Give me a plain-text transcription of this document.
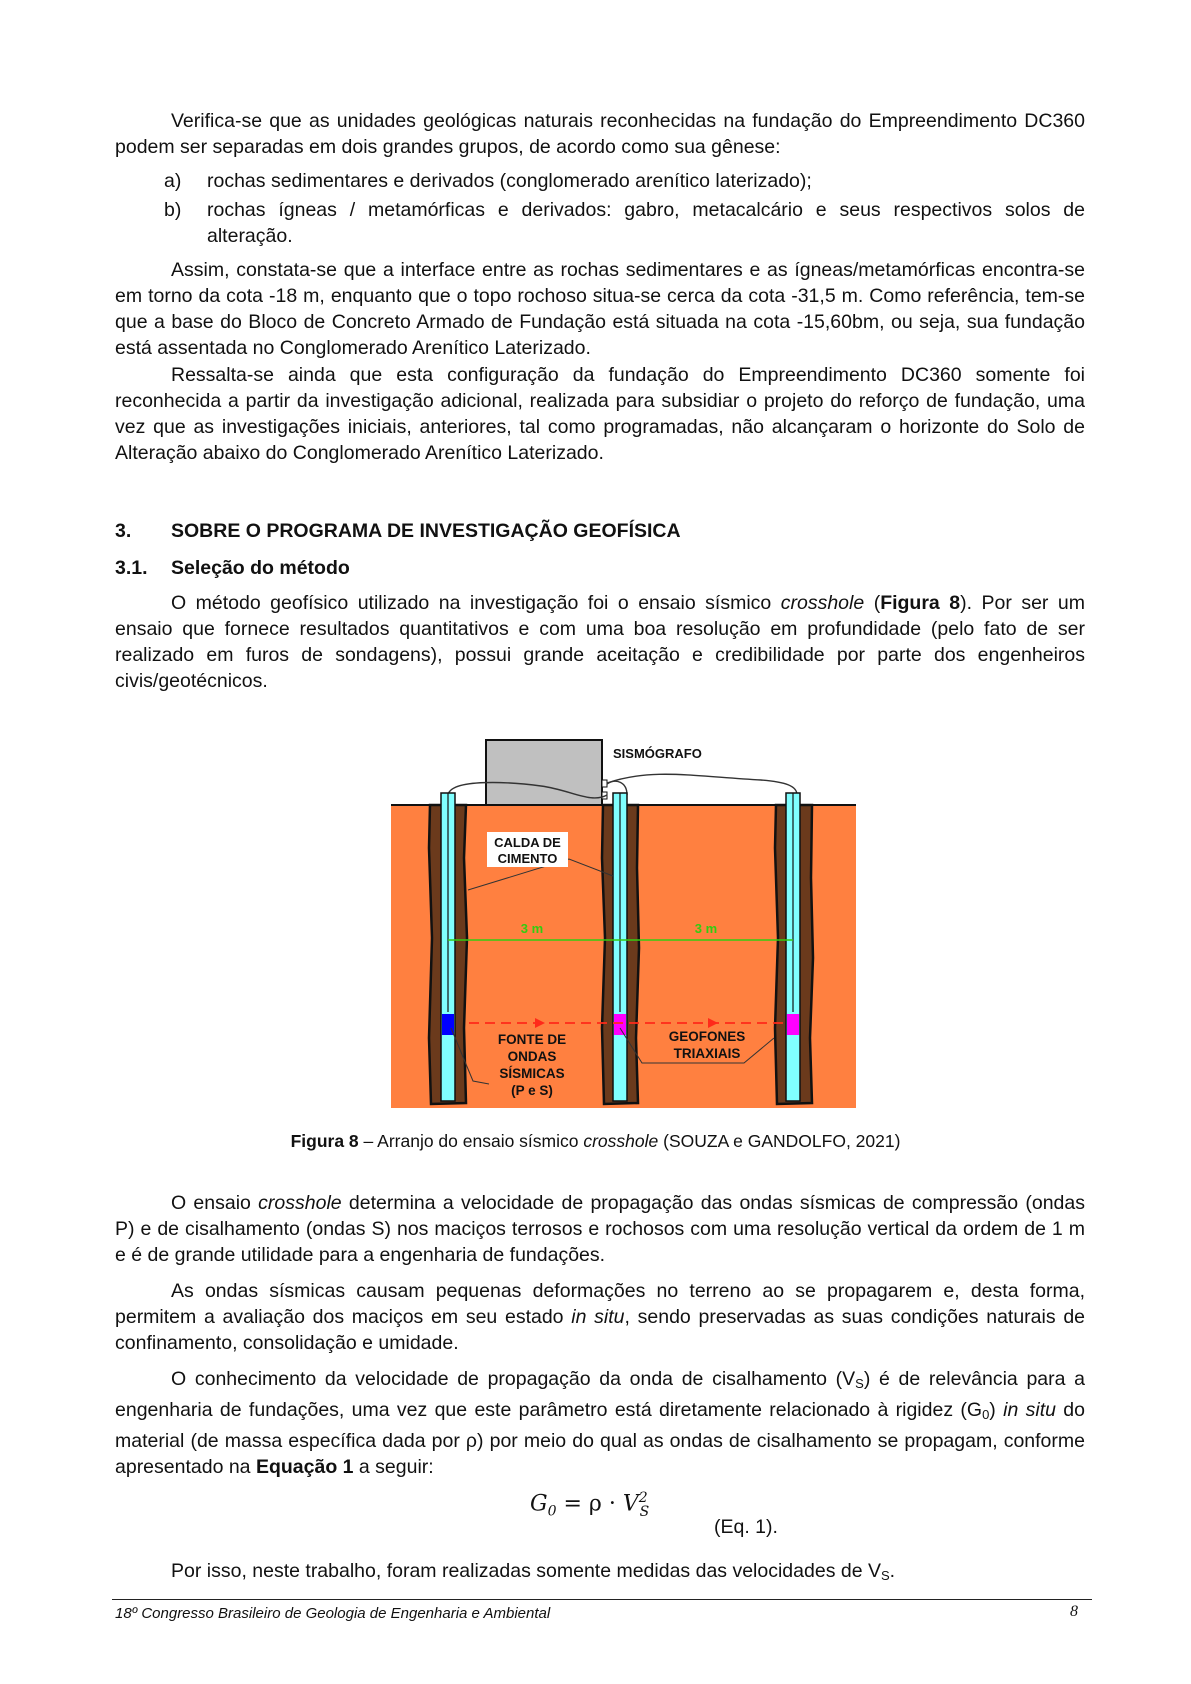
Verifica-se que as unidades geológicas naturais reconhecidas na fundação do Empreendimento DC360 podem ser separadas em dois grandes grupos, de acordo como sua gênese:

a) rochas sedimentares e derivados (conglomerado arenítico laterizado);
b) rochas ígneas / metamórficas e derivados: gabro, metacalcário e seus respectivos solos de alteração.

Assim, constata-se que a interface entre as rochas sedimentares e as ígneas/metamórficas encontra-se em torno da cota -18 m, enquanto que o topo rochoso situa-se cerca da cota -31,5 m. Como referência, tem-se que a base do Bloco de Concreto Armado de Fundação está situada na cota -15,60bm, ou seja, sua fundação está assentada no Conglomerado Arenítico Laterizado.

Ressalta-se ainda que esta configuração da fundação do Empreendimento DC360 somente foi reconhecida a partir da investigação adicional, realizada para subsidiar o projeto do reforço de fundação, uma vez que as investigações iniciais, anteriores, tal como programadas, não alcançaram o horizonte do Solo de Alteração abaixo do Conglomerado Arenítico Laterizado.

3. SOBRE O PROGRAMA DE INVESTIGAÇÃO GEOFÍSICA
3.1. Seleção do método

O método geofísico utilizado na investigação foi o ensaio sísmico crosshole (Figura 8). Por ser um ensaio que fornece resultados quantitativos e com uma boa resolução em profundidade (pelo fato de ser realizado em furos de sondagens), possui grande aceitação e credibilidade por parte dos engenheiros civis/geotécnicos.

CALDA DE
CIMENTO
SISMÓGRAFO
3 m	3 m
FONTE DE
ONDAS
SÍSMICAS
(P e S)
GEOFONES
TRIAXIAIS
Figura 8 – Arranjo do ensaio sísmico crosshole (SOUZA e GANDOLFO, 2021)

O ensaio crosshole determina a velocidade de propagação das ondas sísmicas de compressão (ondas P) e de cisalhamento (ondas S) nos maciços terrosos e rochosos com uma resolução vertical da ordem de 1 m e é de grande utilidade para a engenharia de fundações.

As ondas sísmicas causam pequenas deformações no terreno ao se propagarem e, desta forma, permitem a avaliação dos maciços em seu estado in situ, sendo preservadas as suas condições naturais de confinamento, consolidação e umidade.

O conhecimento da velocidade de propagação da onda de cisalhamento $(V_S)$ é de relevância para a engenharia de fundações, uma vez que este parâmetro está diretamente relacionado à rigidez $(G_0)$ in situ do material (de massa específica dada por ρ) por meio do qual as ondas de cisalhamento se propagam, conforme apresentado na Equação 1 a seguir:

$G_0 = \rho \cdot V^2_S$
(Eq. 1).

Por isso, neste trabalho, foram realizadas somente medidas das velocidades de $V_S$.

18º Congresso Brasileiro de Geologia de Engenharia e Ambiental	8
